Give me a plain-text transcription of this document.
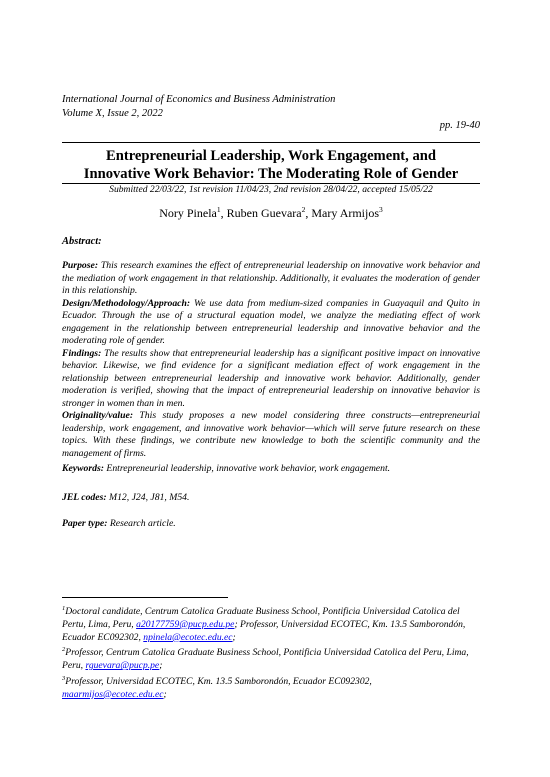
International Journal of Economics and Business Administration
Volume X, Issue 2, 2022
pp. 19-40
Entrepreneurial Leadership, Work Engagement, and
Innovative Work Behavior: The Moderating Role of Gender
Submitted 22/03/22, 1st revision 11/04/23, 2nd revision 28/04/22, accepted 15/05/22
Nory Pinela$^1$, Ruben Guevara$^2$, Mary Armijos$^3$
Abstract:

Purpose: This research examines the effect of entrepreneurial leadership on innovative work behavior and the mediation of work engagement in that relationship. Additionally, it evaluates the moderation of gender in this relationship.

Design/Methodology/Approach: We use data from medium-sized companies in Guayaquil and Quito in Ecuador. Through the use of a structural equation model, we analyze the mediating effect of work engagement in the relationship between entrepreneurial leadership and innovative behavior and the moderating role of gender.

Findings: The results show that entrepreneurial leadership has a significant positive impact on innovative behavior. Likewise, we find evidence for a significant mediation effect of work engagement in the relationship between entrepreneurial leadership and innovative work behavior. Additionally, gender moderation is verified, showing that the impact of entrepreneurial leadership on innovative behavior is stronger in women than in men.

Originality/value: This study proposes a new model considering three constructs—entrepreneurial leadership, work engagement, and innovative work behavior—which will serve future research on these topics. With these findings, we contribute new knowledge to both the scientific community and the management of firms.

Keywords: Entrepreneurial leadership, innovative work behavior, work engagement.
JEL codes: M12, J24, J81, M54.
Paper type: Research article.

$^1$Doctoral candidate, Centrum Catolica Graduate Business School, Pontificia Universidad Catolica del Pertu, Lima, Peru, a20177759@pucp.edu.pe; Professor, Universidad ECOTEC, Km. 13.5 Samborondón, Ecuador EC092302, npinela@ecotec.edu.ec;

$^2$Professor, Centrum Catolica Graduate Business School, Pontificia Universidad Catolica del Peru, Lima, Peru, rguevara@pucp.pe;

$^3$Professor, Universidad ECOTEC, Km. 13.5 Samborondón, Ecuador EC092302,
maarmijos@ecotec.edu.ec;
